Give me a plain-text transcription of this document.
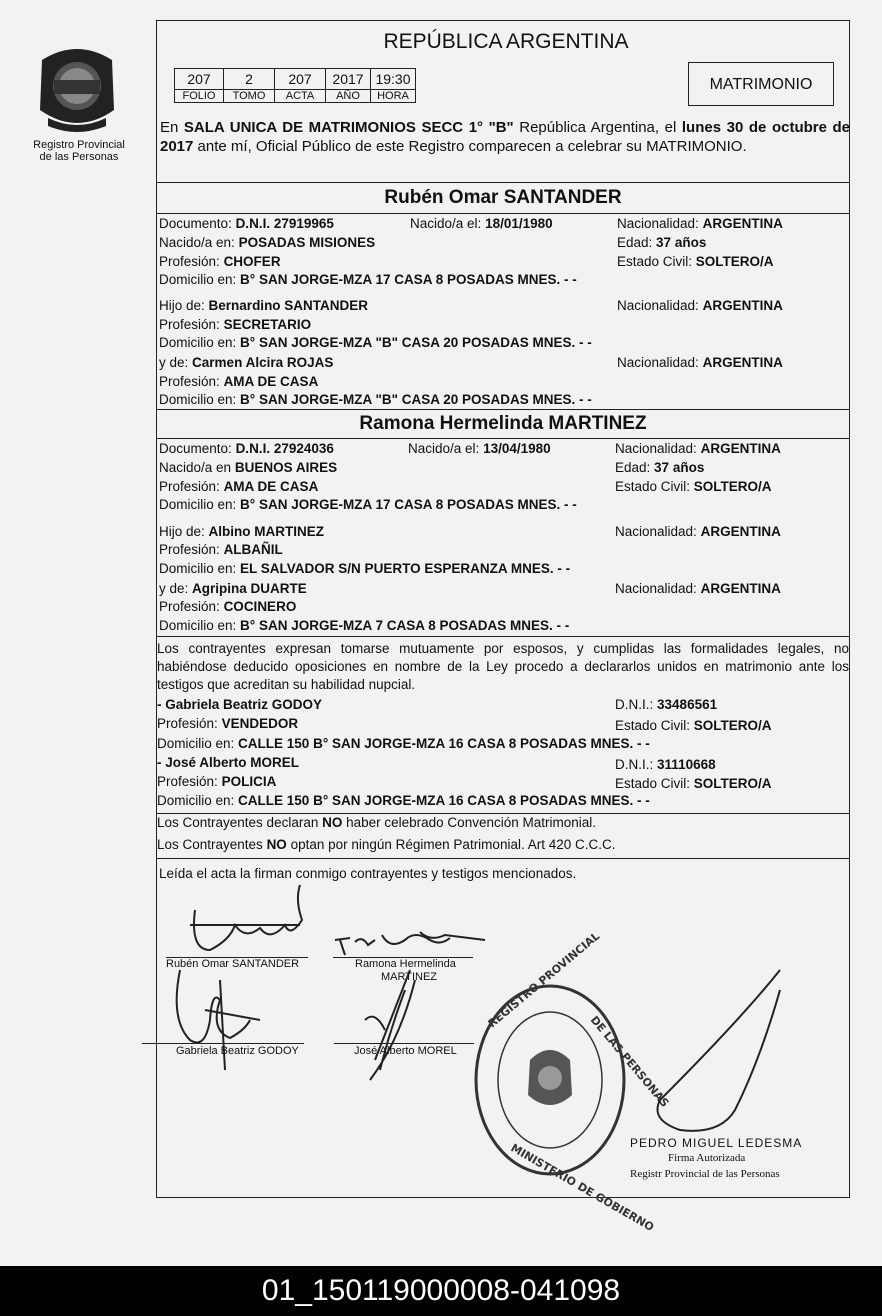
Registro Provincial
de las Personas
REPÚBLICA ARGENTINA
207	2	207	2017	19:30
FOLIO	TOMO	ACTA	AÑO	HORA
MATRIMONIO
En SALA UNICA DE MATRIMONIOS SECC 1° "B" República Argentina, el lunes 30 de octubre de 2017 ante mí, Oficial Público de este Registro comparecen a celebrar su MATRIMONIO.
Rubén Omar SANTANDER
Documento: D.N.I. 27919965	Nacido/a el: 18/01/1980	Nacionalidad: ARGENTINA
Nacido/a en: POSADAS MISIONES	Edad: 37 años
Profesión: CHOFER	Estado Civil: SOLTERO/A
Domicilio en: B° SAN JORGE-MZA 17 CASA 8 POSADAS MNES. - -
Hijo de: Bernardino SANTANDER	Nacionalidad: ARGENTINA
Profesión: SECRETARIO
Domicilio en: B° SAN JORGE-MZA "B" CASA 20 POSADAS MNES. - -
y de: Carmen Alcira ROJAS	Nacionalidad: ARGENTINA
Profesión: AMA DE CASA
Domicilio en: B° SAN JORGE-MZA "B" CASA 20 POSADAS MNES. - -
Ramona Hermelinda MARTINEZ
Documento: D.N.I. 27924036	Nacido/a el: 13/04/1980	Nacionalidad: ARGENTINA
Nacido/a en BUENOS AIRES	Edad: 37 años
Profesión: AMA DE CASA	Estado Civil: SOLTERO/A
Domicilio en: B° SAN JORGE-MZA 17 CASA 8 POSADAS MNES. - -
Hijo de: Albino MARTINEZ	Nacionalidad: ARGENTINA
Profesión: ALBAÑIL
Domicilio en: EL SALVADOR S/N PUERTO ESPERANZA MNES. - -
y de: Agripina DUARTE	Nacionalidad: ARGENTINA
Profesión: COCINERO
Domicilio en: B° SAN JORGE-MZA 7 CASA 8 POSADAS MNES. - -
Los contrayentes expresan tomarse mutuamente por esposos, y cumplidas las formalidades legales, no habiéndose deducido oposiciones en nombre de la Ley procedo a declararlos unidos en matrimonio ante los testigos que acreditan su habilidad nupcial.
- Gabriela Beatriz GODOY	D.N.I.: 33486561
Profesión: VENDEDOR	Estado Civil: SOLTERO/A
Domicilio en: CALLE 150 B° SAN JORGE-MZA 16 CASA 8 POSADAS MNES. - -
- José Alberto MOREL	D.N.I.: 31110668
Profesión: POLICIA	Estado Civil: SOLTERO/A
Domicilio en: CALLE 150 B° SAN JORGE-MZA 16 CASA 8 POSADAS MNES. - -
Los Contrayentes declaran NO haber celebrado Convención Matrimonial.
Los Contrayentes NO optan por ningún Régimen Patrimonial. Art 420 C.C.C.
Leída el acta la firman conmigo contrayentes y testigos mencionados.
Rubén Omar SANTANDER	Ramona Hermelinda
MARTINEZ
Gabriela Beatriz GODOY	José Alberto MOREL
REGISTRO PROVINCIAL
DE LAS PERSONAS
MINISTERIO DE GOBIERNO
PEDRO MIGUEL LEDESMA
Firma Autorizada
Registr Provincial de las Personas
01_150119000008-041098
